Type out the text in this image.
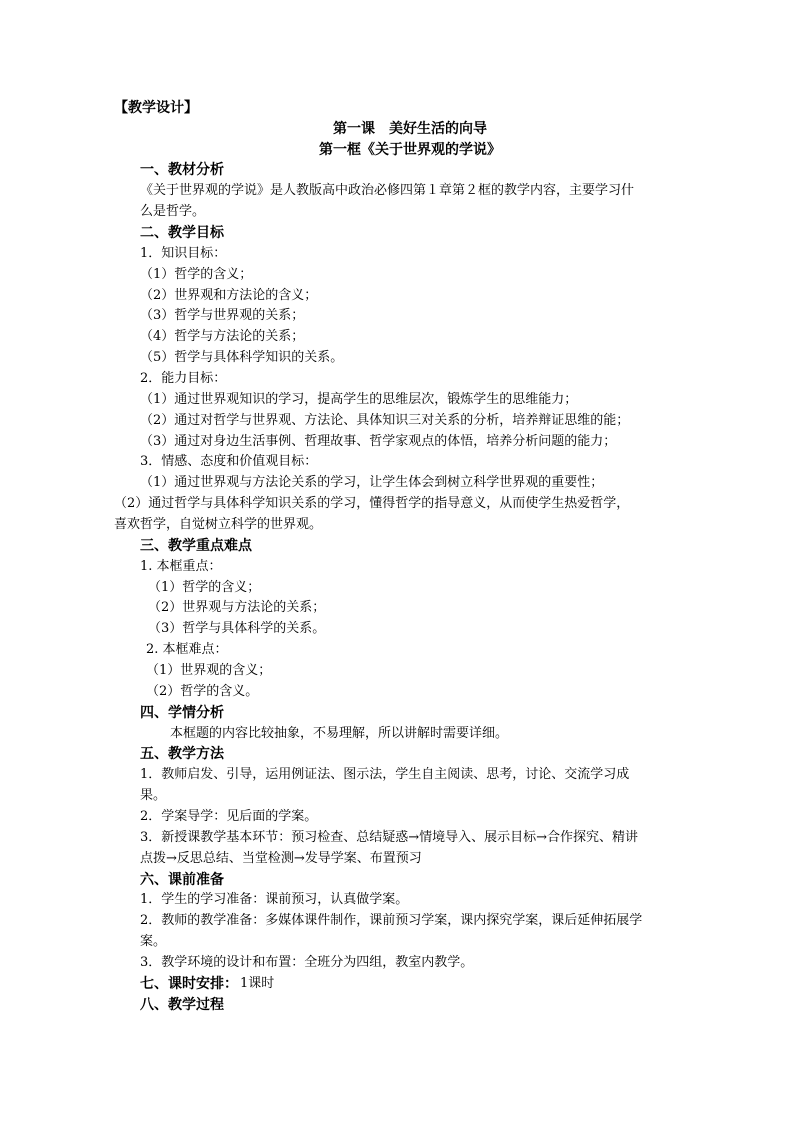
【教学设计】
第一课　美好生活的向导
第一框《关于世界观的学说》
一、教材分析
《关于世界观的学说》是人教版高中政治必修四第１章第２框的教学内容，主要学习什
么是哲学。
二、教学目标
1．知识目标：
（1）哲学的含义；
（2）世界观和方法论的含义；
（3）哲学与世界观的关系；
（4）哲学与方法论的关系；
（5）哲学与具体科学知识的关系。
2．能力目标：
（1）通过世界观知识的学习，提高学生的思维层次，锻炼学生的思维能力；
（2）通过对哲学与世界观、方法论、具体知识三对关系的分析，培养辩证思维的能；
（3）通过对身边生活事例、哲理故事、哲学家观点的体悟，培养分析问题的能力；
3．情感、态度和价值观目标：
（1）通过世界观与方法论关系的学习，让学生体会到树立科学世界观的重要性；
（2）通过哲学与具体科学知识关系的学习，懂得哲学的指导意义，从而使学生热爱哲学，
喜欢哲学，自觉树立科学的世界观。
三、教学重点难点
1. 本框重点：
（1）哲学的含义；
（2）世界观与方法论的关系；
（3）哲学与具体科学的关系。
2. 本框难点：
（1）世界观的含义；
（2）哲学的含义。
四、学情分析
本框题的内容比较抽象，不易理解，所以讲解时需要详细。
五、教学方法
1．教师启发、引导，运用例证法、图示法，学生自主阅读、思考，讨论、交流学习成
果。
2．学案导学：见后面的学案。
3．新授课教学基本环节：预习检查、总结疑惑→情境导入、展示目标→合作探究、精讲
点拨→反思总结、当堂检测→发导学案、布置预习
六、课前准备
1．学生的学习准备：课前预习，认真做学案。
2．教师的教学准备：多媒体课件制作，课前预习学案，课内探究学案，课后延伸拓展学
案。
3．教学环境的设计和布置：全班分为四组，教室内教学。
七、课时安排： 1课时
八、教学过程
